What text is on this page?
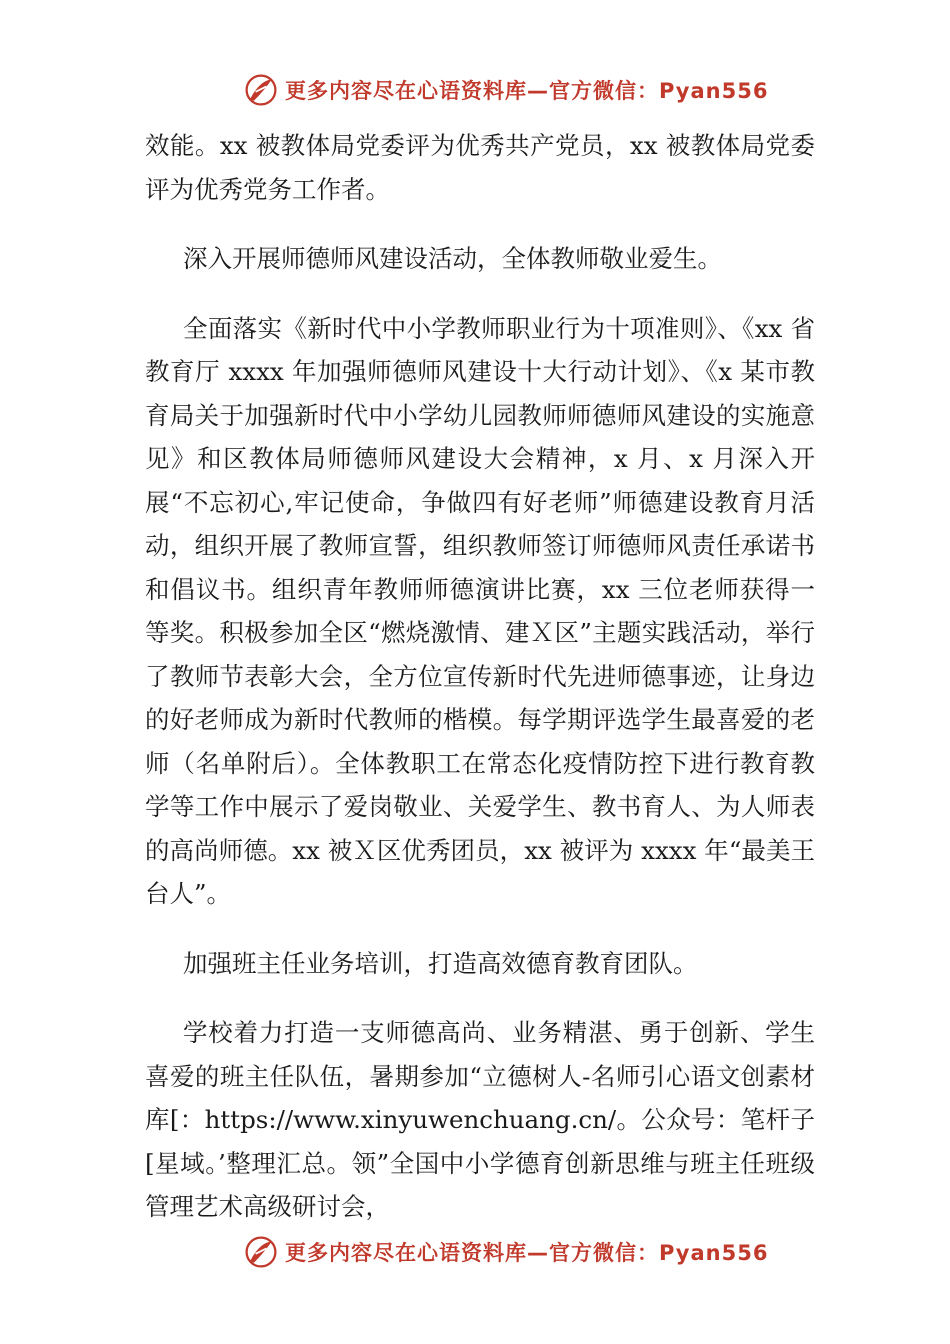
更多内容尽在心语资料库—官方微信：Pyan556

效能。xx 被教体局党委评为优秀共产党员，xx 被教体局党委评为优秀党务工作者。

深入开展师德师风建设活动，全体教师敬业爱生。

全面落实《新时代中小学教师职业行为十项准则》、《xx 省教育厅 xxxx 年加强师德师风建设十大行动计划》、《x 某市教育局关于加强新时代中小学幼儿园教师师德师风建设的实施意见》和区教体局师德师风建设大会精神，x 月、x 月深入开展“不忘初心,牢记使命，争做四有好老师”师德建设教育月活动，组织开展了教师宣誓，组织教师签订师德师风责任承诺书和倡议书。组织青年教师师德演讲比赛，xx 三位老师获得一等奖。积极参加全区“燃烧激情、建Ｘ区”主题实践活动，举行了教师节表彰大会，全方位宣传新时代先进师德事迹，让身边的好老师成为新时代教师的楷模。每学期评选学生最喜爱的老师（名单附后）。全体教职工在常态化疫情防控下进行教育教学等工作中展示了爱岗敬业、关爱学生、教书育人、为人师表的高尚师德。xx 被Ｘ区优秀团员，xx 被评为 xxxx 年“最美王台人”。

加强班主任业务培训，打造高效德育教育团队。

学校着力打造一支师德高尚、业务精湛、勇于创新、学生喜爱的班主任队伍，暑期参加“立德树人-名师引心语文创素材库[：https://www.xinyuwenchuang.cn/。公众号：笔杆子[星域。’整理汇总。领”全国中小学德育创新思维与班主任班级管理艺术高级研讨会，

更多内容尽在心语资料库—官方微信：Pyan556
